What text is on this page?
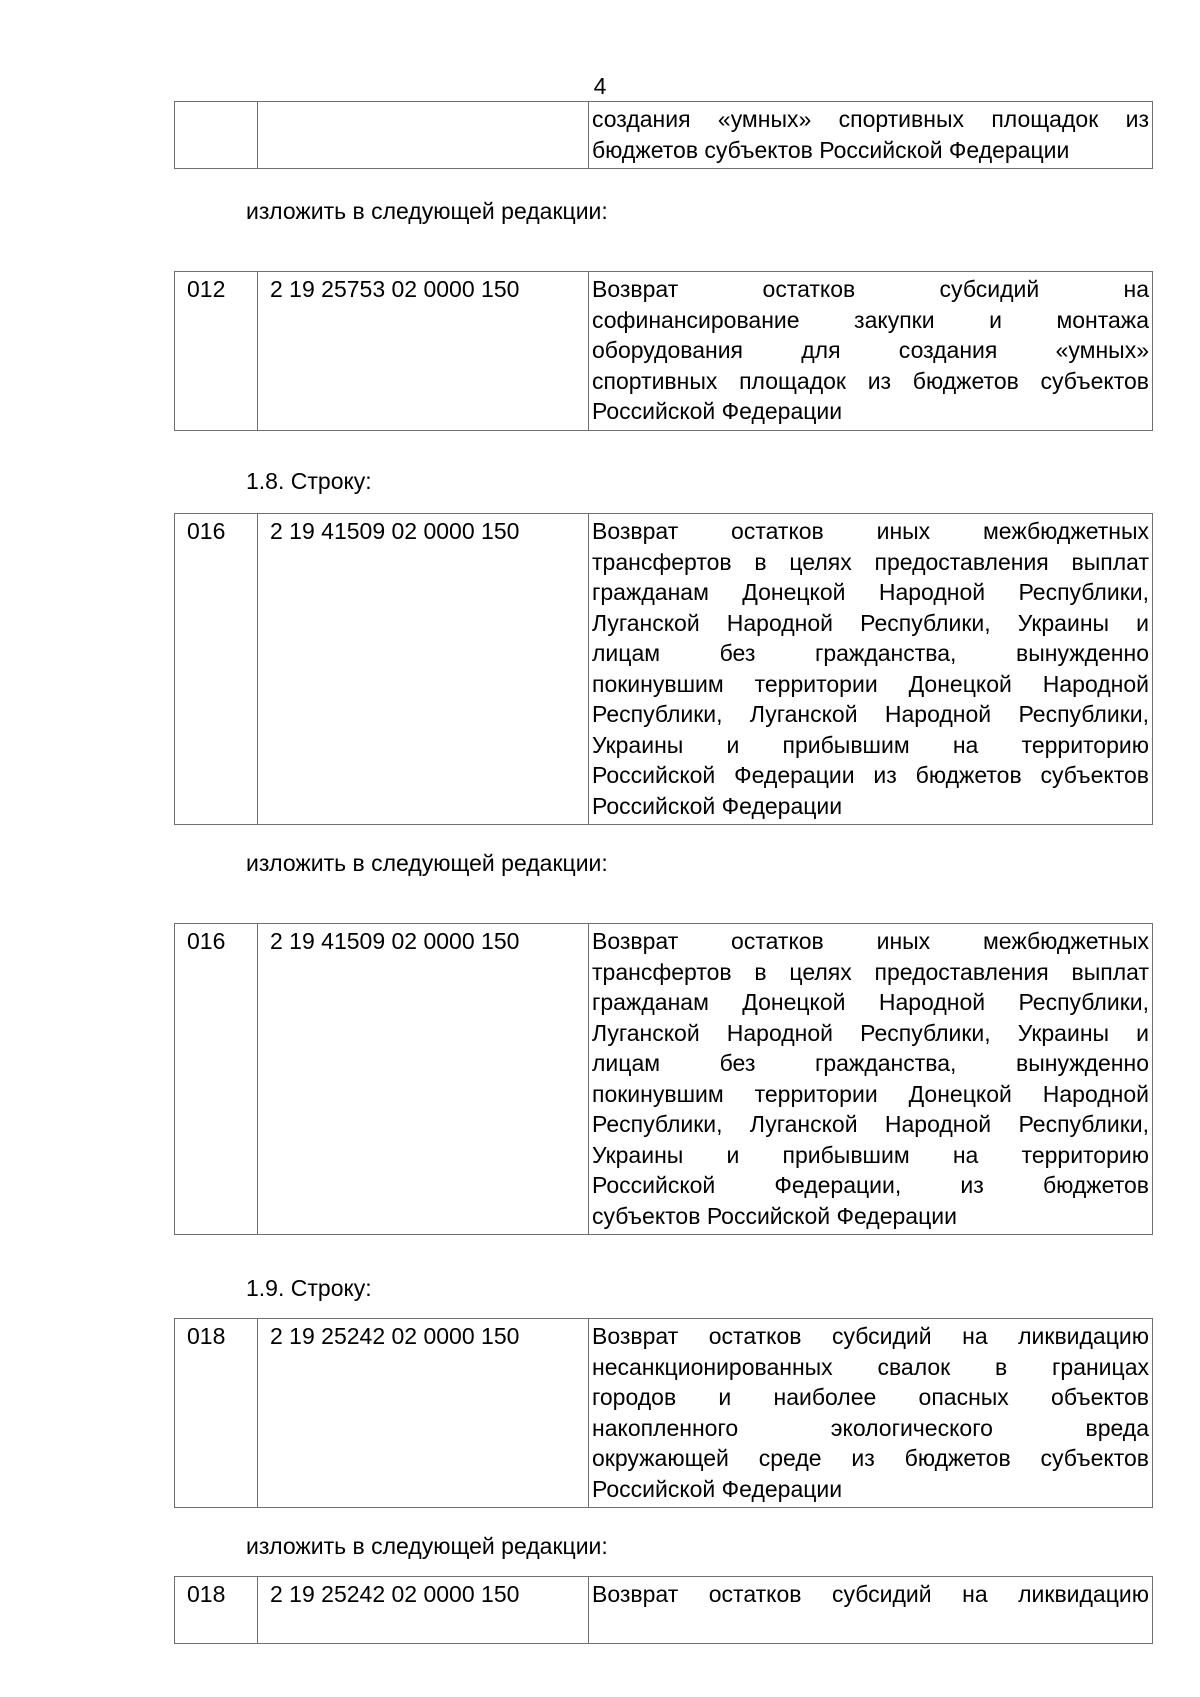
4

создания «умных» спортивных площадок из
бюджетов субъектов Российской Федерации
изложить в следующей редакции:
012	2 19 25753 02 0000 150	Возврат остатков субсидий на
софинансирование закупки и монтажа
оборудования для создания «умных»
спортивных площадок из бюджетов субъектов
Российской Федерации
1.8. Строку:
016	2 19 41509 02 0000 150	Возврат остатков иных межбюджетных
трансфертов в целях предоставления выплат
гражданам Донецкой Народной Республики,
Луганской Народной Республики, Украины и
лицам без гражданства, вынужденно
покинувшим территории Донецкой Народной
Республики, Луганской Народной Республики,
Украины и прибывшим на территорию
Российской Федерации из бюджетов субъектов
Российской Федерации
изложить в следующей редакции:
016	2 19 41509 02 0000 150	Возврат остатков иных межбюджетных
трансфертов в целях предоставления выплат
гражданам Донецкой Народной Республики,
Луганской Народной Республики, Украины и
лицам без гражданства, вынужденно
покинувшим территории Донецкой Народной
Республики, Луганской Народной Республики,
Украины и прибывшим на территорию
Российской Федерации, из бюджетов
субъектов Российской Федерации
1.9. Строку:
018	2 19 25242 02 0000 150	Возврат остатков субсидий на ликвидацию
несанкционированных свалок в границах
городов и наиболее опасных объектов
накопленного экологического вреда
окружающей среде из бюджетов субъектов
Российской Федерации
изложить в следующей редакции:
018	2 19 25242 02 0000 150	Возврат остатков субсидий на ликвидацию
